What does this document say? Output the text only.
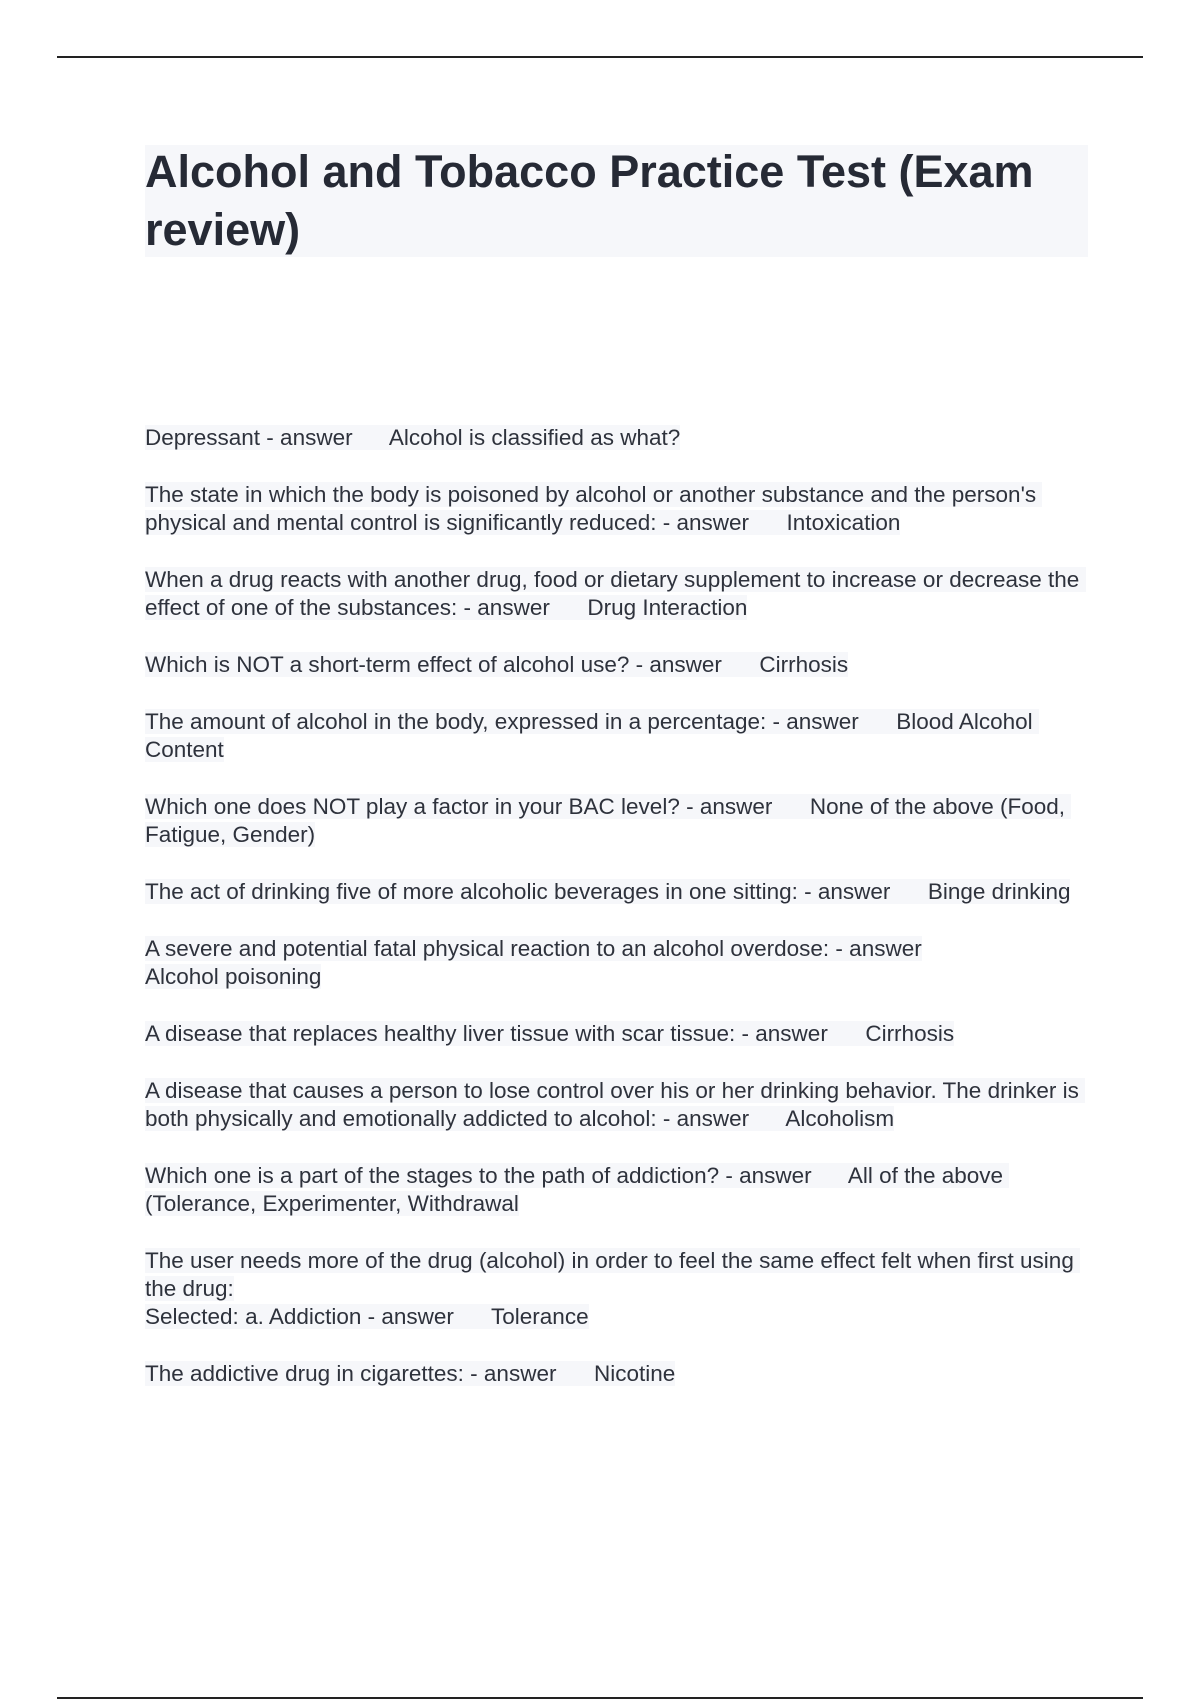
Alcohol and Tobacco Practice Test (Exam review)

Depressant - answer      Alcohol is classified as what?

The state in which the body is poisoned by alcohol or another substance and the person's physical and mental control is significantly reduced: - answer      Intoxication

When a drug reacts with another drug, food or dietary supplement to increase or decrease the effect of one of the substances: - answer      Drug Interaction

Which is NOT a short-term effect of alcohol use? - answer      Cirrhosis

The amount of alcohol in the body, expressed in a percentage: - answer      Blood Alcohol Content

Which one does NOT play a factor in your BAC level? - answer      None of the above (Food, Fatigue, Gender)

The act of drinking five of more alcoholic beverages in one sitting: - answer      Binge drinking

A severe and potential fatal physical reaction to an alcohol overdose: - answer
Alcohol poisoning

A disease that replaces healthy liver tissue with scar tissue: - answer      Cirrhosis

A disease that causes a person to lose control over his or her drinking behavior. The drinker is both physically and emotionally addicted to alcohol: - answer      Alcoholism

Which one is a part of the stages to the path of addiction? - answer      All of the above (Tolerance, Experimenter, Withdrawal

The user needs more of the drug (alcohol) in order to feel the same effect felt when first using the drug:
Selected: a. Addiction - answer      Tolerance

The addictive drug in cigarettes: - answer      Nicotine
